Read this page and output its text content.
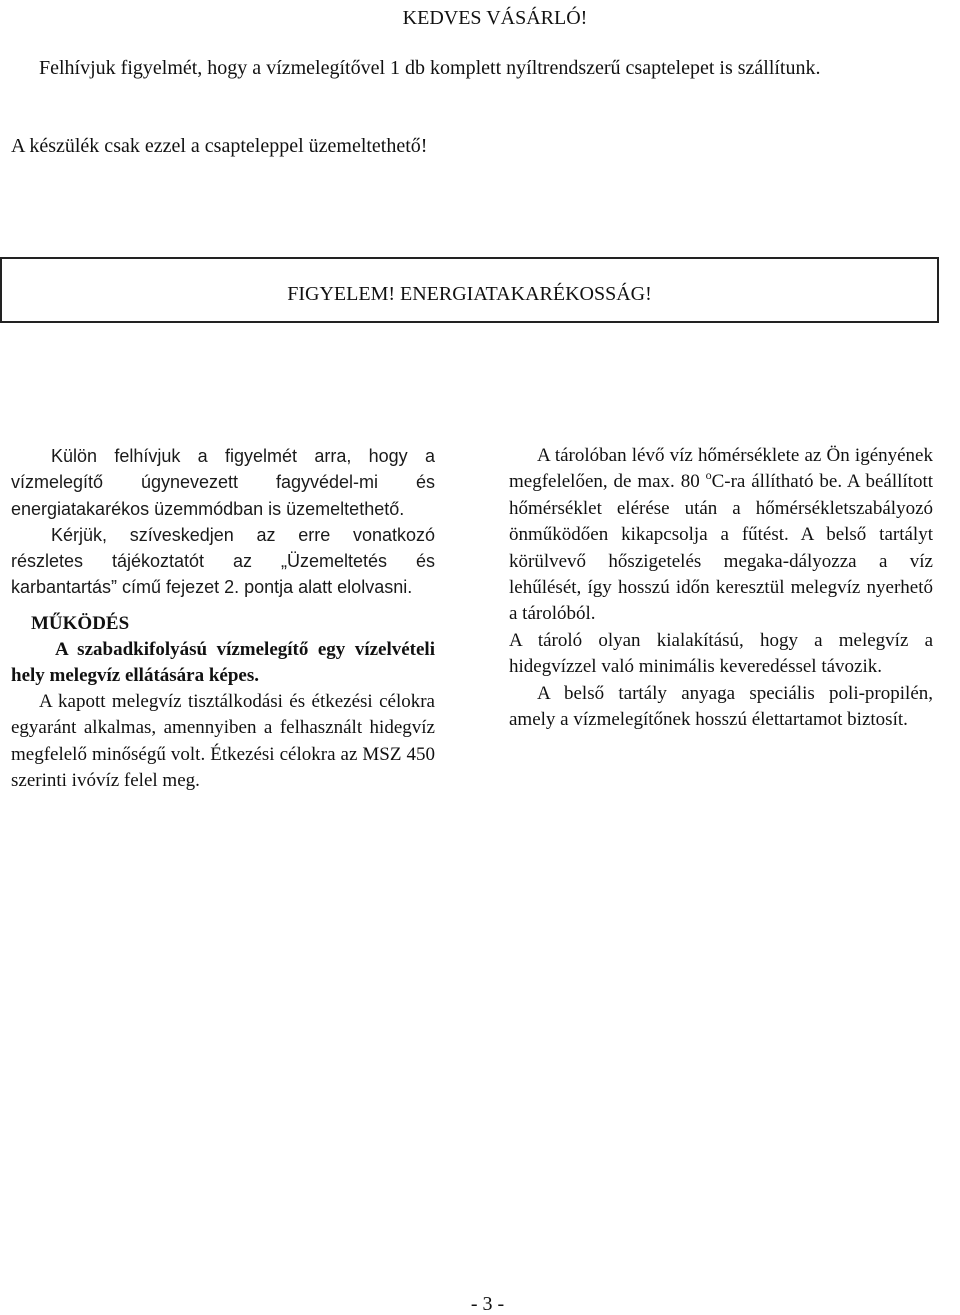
KEDVES VÁSÁRLÓ!

Felhívjuk figyelmét, hogy a vízmelegítővel 1 db komplett nyíltrendszerű csaptelepet is szállítunk.

A készülék csak ezzel a csapteleppel üzemeltethető!

FIGYELEM! ENERGIATAKARÉKOSSÁG!

Külön felhívjuk a figyelmét arra, hogy a vízmelegítő úgynevezett fagyvédel-mi és energiatakarékos üzemmódban is üzemeltethető.

Kérjük, szíveskedjen az erre vonatkozó részletes tájékoztatót az „Üzemeltetés és karbantartás” című fejezet 2. pontja alatt elolvasni.

MŰKÖDÉS

A szabadkifolyású vízmelegítő egy vízelvételi hely melegvíz ellátására képes.

A kapott melegvíz tisztálkodási és étkezési célokra egyaránt alkalmas, amennyiben a felhasznált hidegvíz megfelelő minőségű volt. Étkezési célokra az MSZ 450 szerinti ivóvíz felel meg.

A tárolóban lévő víz hőmérséklete az Ön igényének megfelelően, de max. 80 $^o$C-ra állítható be. A beállított hőmérséklet elérése után a hőmérsékletszabályozó önműködően kikapcsolja a fűtést. A belső tartályt körülvevő hőszigetelés megaka-dályozza a víz lehűlését, így hosszú időn keresztül melegvíz nyerhető a tárolóból.

A tároló olyan kialakítású, hogy a melegvíz a hidegvízzel való minimális keveredéssel távozik.

A belső tartály anyaga speciális poli-propilén, amely a vízmelegítőnek hosszú élettartamot biztosít.

- 3 -
